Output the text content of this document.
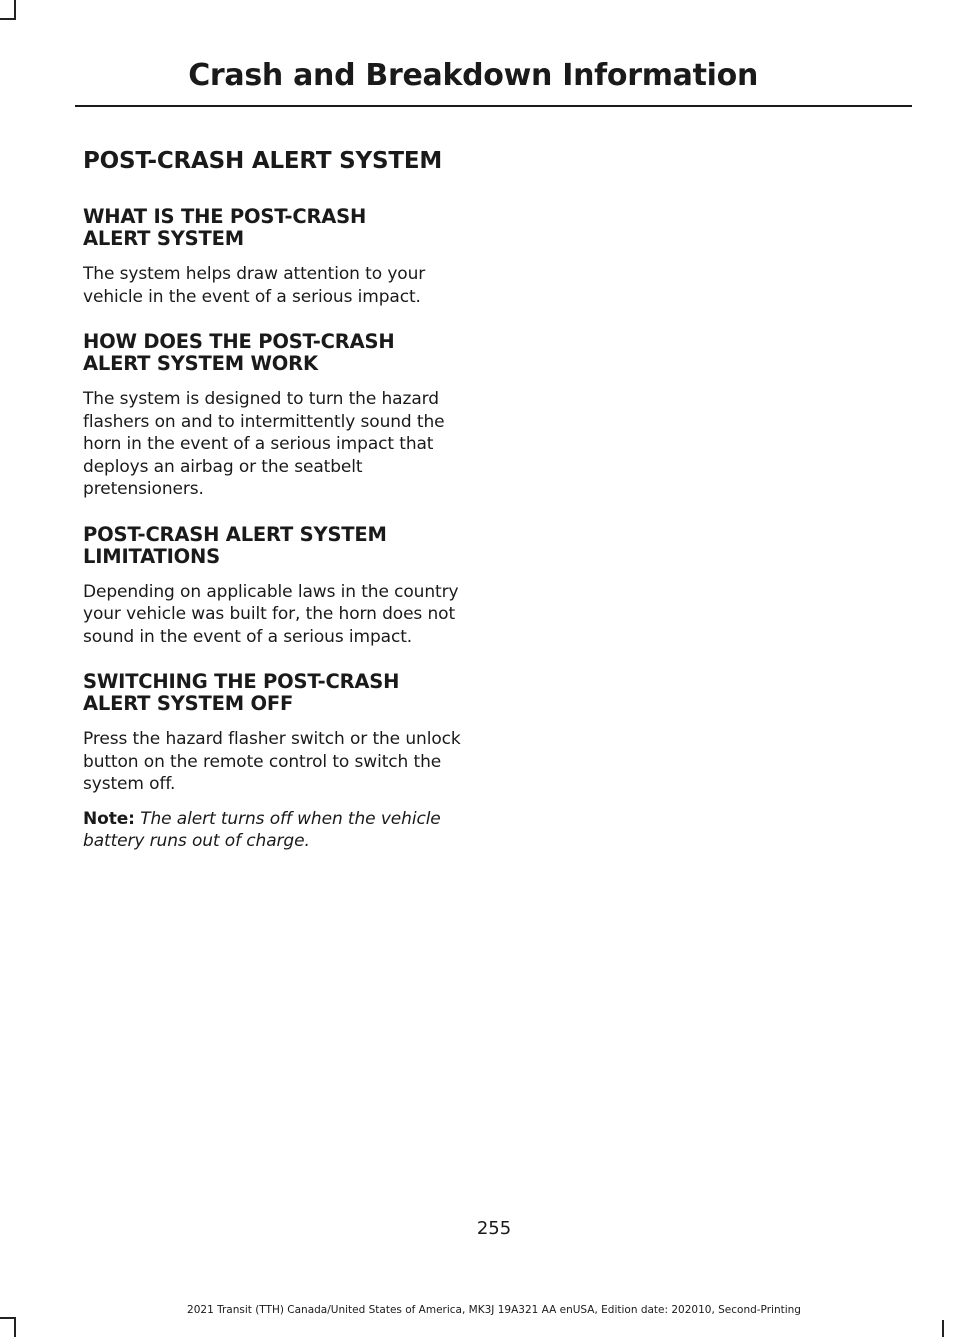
Crash and Breakdown Information
POST-CRASH ALERT SYSTEM
WHAT IS THE POST-CRASH
ALERT SYSTEM

The system helps draw attention to your vehicle in the event of a serious impact.

HOW DOES THE POST-CRASH
ALERT SYSTEM WORK

The system is designed to turn the hazard flashers on and to intermittently sound the horn in the event of a serious impact that deploys an airbag or the seatbelt pretensioners.

POST-CRASH ALERT SYSTEM
LIMITATIONS

Depending on applicable laws in the country your vehicle was built for, the horn does not sound in the event of a serious impact.

SWITCHING THE POST-CRASH
ALERT SYSTEM OFF

Press the hazard flasher switch or the unlock button on the remote control to switch the system off.

Note: The alert turns off when the vehicle battery runs out of charge.

255
2021 Transit (TTH) Canada/United States of America, MK3J 19A321 AA enUSA, Edition date: 202010, Second-Printing
